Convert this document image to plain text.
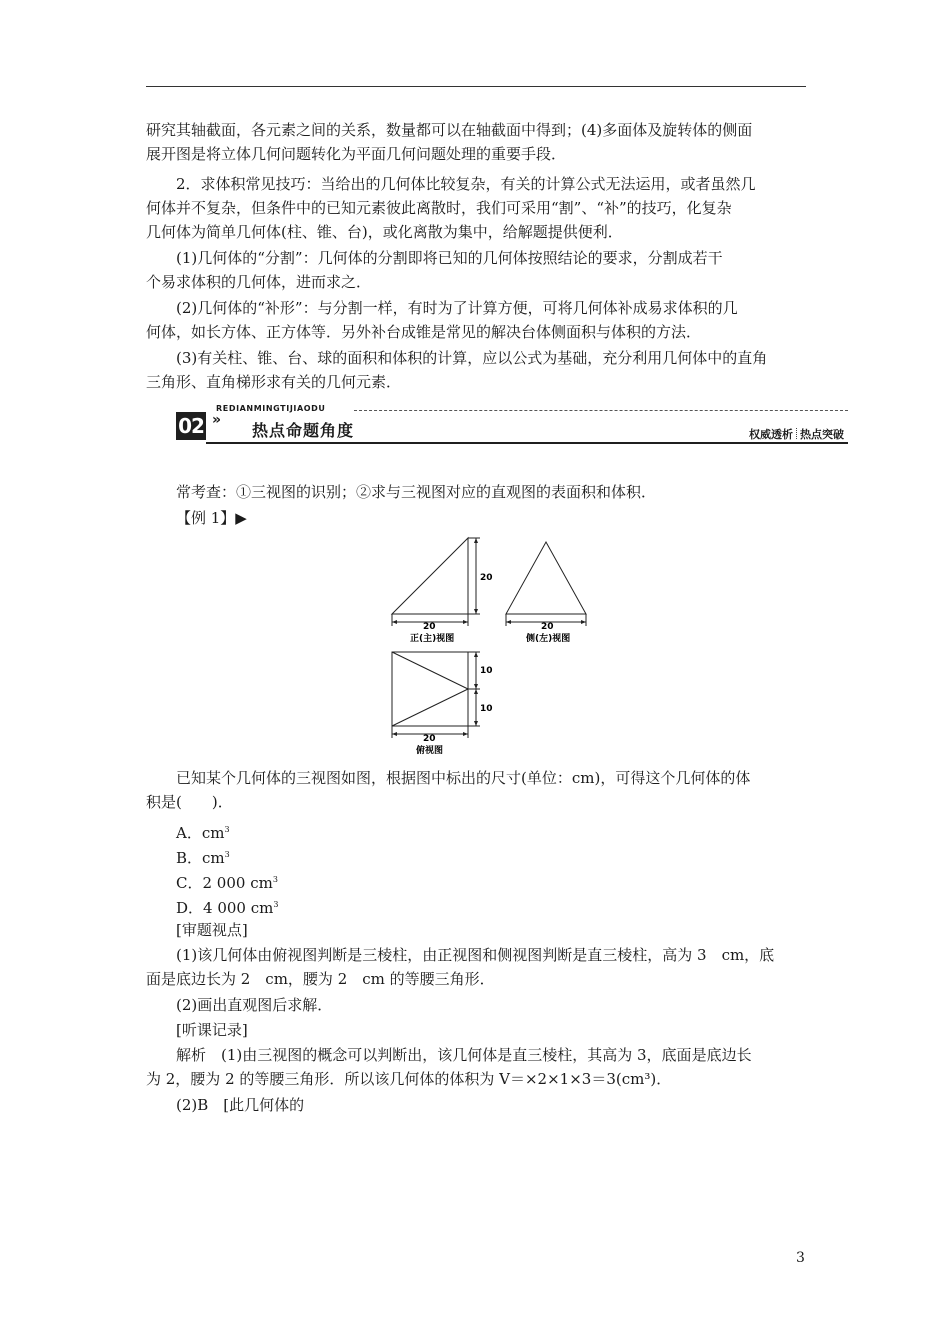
研究其轴截面，各元素之间的关系，数量都可以在轴截面中得到；(4)多面体及旋转体的侧面
展开图是将立体几何问题转化为平面几何问题处理的重要手段．

2．求体积常见技巧：当给出的几何体比较复杂，有关的计算公式无法运用，或者虽然几
何体并不复杂，但条件中的已知元素彼此离散时，我们可采用“割”、“补”的技巧，化复杂
几何体为简单几何体(柱、锥、台)，或化离散为集中，给解题提供便利．

(1)几何体的“分割”：几何体的分割即将已知的几何体按照结论的要求，分割成若干
个易求体积的几何体，进而求之．

(2)几何体的“补形”：与分割一样，有时为了计算方便，可将几何体补成易求体积的几
何体，如长方体、正方体等．另外补台成锥是常见的解决台体侧面积与体积的方法．

(3)有关柱、锥、台、球的面积和体积的计算，应以公式为基础，充分利用几何体中的直角
三角形、直角梯形求有关的几何元素．

02
REDIANMINGTIJIAODU
»
热点命题角度	权威透析 热点突破
常考查：①三视图的识别；②求与三视图对应的直观图的表面积和体积．
【例 1】▶
20
20	20
正(主)视图	侧(左)视图
10
10
20
俯视图

已知某个几何体的三视图如图，根据图中标出的尺寸(单位：cm)，可得这个几何体的体
积是(　　)．

A．$cm^3$
B．$cm^3$
C．2 000 $cm^3$
D．4 000 $cm^3$
[审题视点]

(1)该几何体由俯视图判断是三棱柱，由正视图和侧视图判断是直三棱柱，高为 3　cm，底
面是底边长为 2　cm，腰为 2　cm 的等腰三角形．

(2)画出直观图后求解．
[听课记录]

解析　(1)由三视图的概念可以判断出，该几何体是直三棱柱，其高为 3，底面是底边长
为 2，腰为 2 的等腰三角形．所以该几何体的体积为 V＝×2×1×3＝3(cm³)．

(2)B　[此几何体的
3
